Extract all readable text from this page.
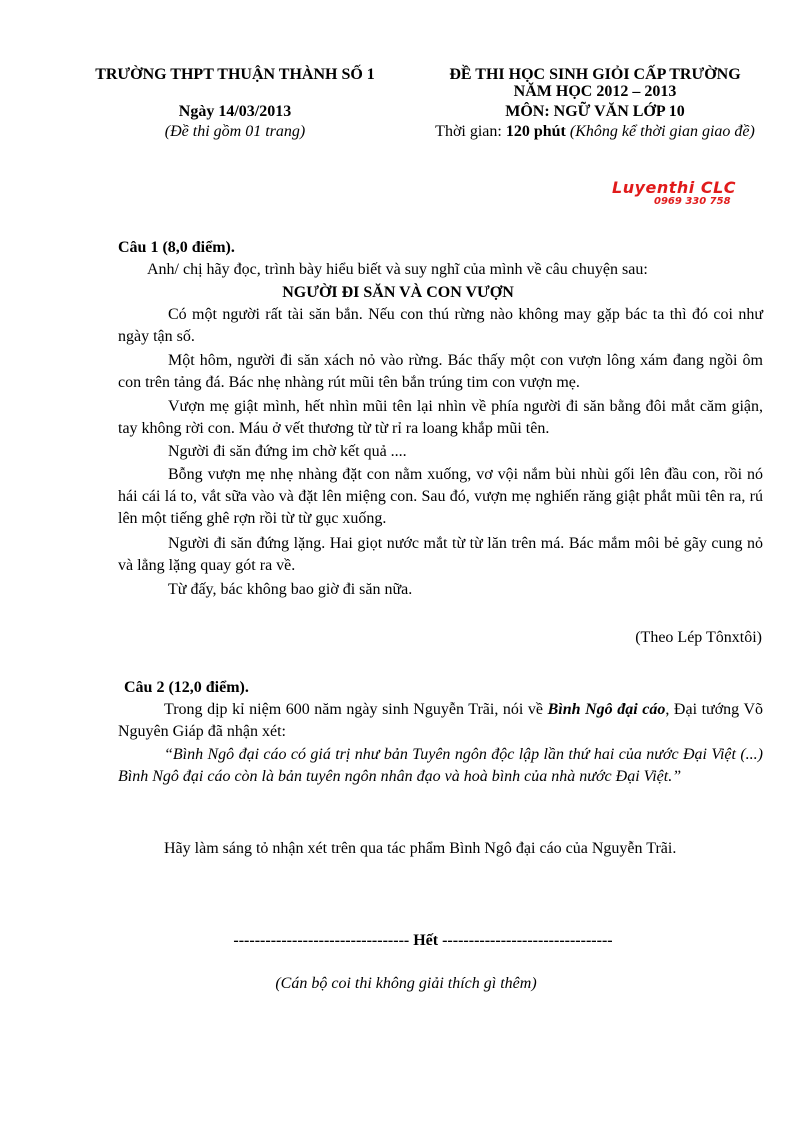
TRƯỜNG THPT THUẬN THÀNH SỐ 1
Ngày 14/03/2013
(Đề thi gồm 01 trang)
ĐỀ THI HỌC SINH GIỎI CẤP TRƯỜNG
NĂM HỌC 2012 – 2013
MÔN: NGỮ VĂN LỚP 10
Thời gian: 120 phút (Không kể thời gian giao đề)
Luyenthi CLC
0969 330 758
Câu 1 (8,0 điểm).
Anh/ chị hãy đọc, trình bày hiểu biết và suy nghĩ của mình về câu chuyện sau:
NGƯỜI ĐI SĂN VÀ CON VƯỢN
Có một người rất tài săn bắn. Nếu con thú rừng nào không may gặp bác ta thì đó coi như ngày tận số.
Một hôm, người đi săn xách nỏ vào rừng. Bác thấy một con vượn lông xám đang ngồi ôm con trên tảng đá. Bác nhẹ nhàng rút mũi tên bắn trúng tim con vượn mẹ.
Vượn mẹ giật mình, hết nhìn mũi tên lại nhìn về phía người đi săn bằng đôi mắt căm giận, tay không rời con. Máu ở vết thương từ từ rỉ ra loang khắp mũi tên.
Người đi săn đứng im chờ kết quả ....
Bỗng vượn mẹ nhẹ nhàng đặt con nằm xuống, vơ vội nắm bùi nhùi gối lên đầu con, rồi nó hái cái lá to, vắt sữa vào và đặt lên miệng con. Sau đó, vượn mẹ nghiến răng giật phắt mũi tên ra, rú lên một tiếng ghê rợn rồi từ từ gục xuống.
Người đi săn đứng lặng. Hai giọt nước mắt từ từ lăn trên má. Bác mắm môi bẻ gãy cung nỏ và lẳng lặng quay gót ra về.
Từ đấy, bác không bao giờ đi săn nữa.
(Theo Lép Tônxtôi)
Câu 2 (12,0 điểm).
Trong dịp kỉ niệm 600 năm ngày sinh Nguyễn Trãi, nói về Bình Ngô đại cáo, Đại tướng Võ Nguyên Giáp đã nhận xét:
“Bình Ngô đại cáo có giá trị như bản Tuyên ngôn độc lập lần thứ hai của nước Đại Việt (...) Bình Ngô đại cáo còn là bản tuyên ngôn nhân đạo và hoà bình của nhà nước Đại Việt.”
Hãy làm sáng tỏ nhận xét trên qua tác phẩm Bình Ngô đại cáo của Nguyễn Trãi.
--------------------------------- Hết --------------------------------
(Cán bộ coi thi không giải thích gì thêm)
